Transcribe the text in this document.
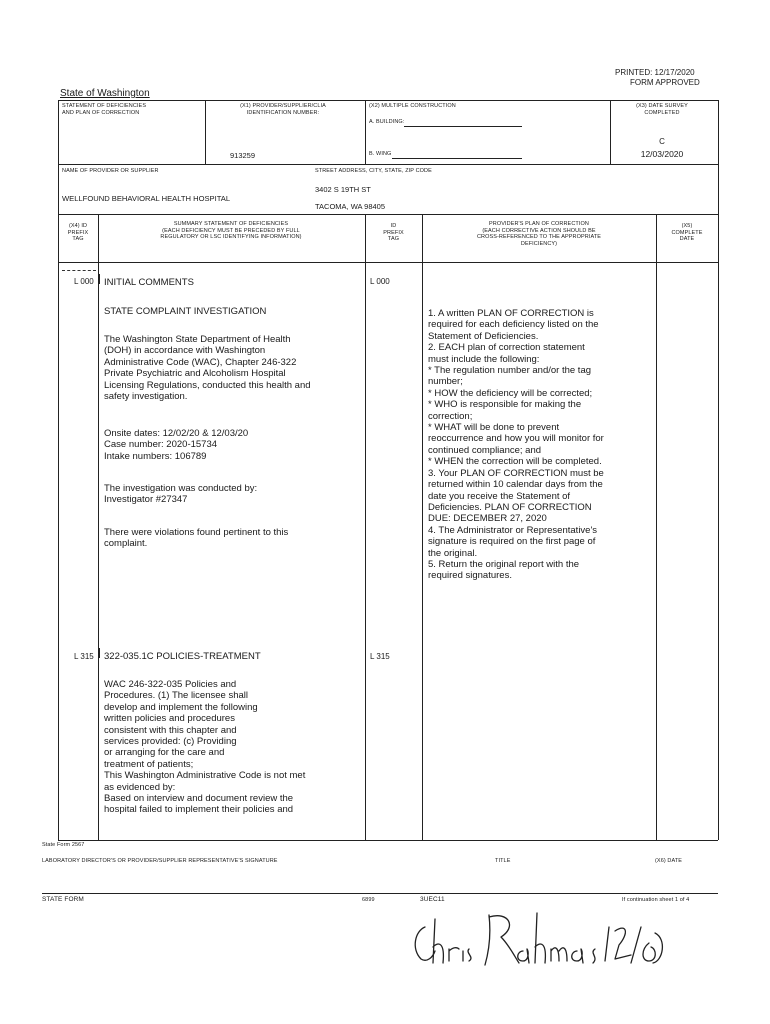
PRINTED: 12/17/2020
FORM APPROVED
State of Washington
STATEMENT OF DEFICIENCIES
AND PLAN OF CORRECTION
(X1) PROVIDER/SUPPLIER/CLIA
IDENTIFICATION NUMBER:
913259
(X2) MULTIPLE CONSTRUCTION
A. BUILDING:
B. WING
(X3) DATE SURVEY
COMPLETED
C
12/03/2020
NAME OF PROVIDER OR SUPPLIER
WELLFOUND BEHAVIORAL HEALTH HOSPITAL
STREET ADDRESS, CITY, STATE, ZIP CODE
3402 S 19TH ST
TACOMA, WA 98405
(X4) ID
PREFIX
TAG
SUMMARY STATEMENT OF DEFICIENCIES
(EACH DEFICIENCY MUST BE PRECEDED BY FULL
REGULATORY OR LSC IDENTIFYING INFORMATION)
ID
PREFIX
TAG
PROVIDER'S PLAN OF CORRECTION
(EACH CORRECTIVE ACTION SHOULD BE
CROSS-REFERENCED TO THE APPROPRIATE
DEFICIENCY)
(X5)
COMPLETE
DATE
L 000 INITIAL COMMENTS	L 000
STATE COMPLAINT INVESTIGATION
The Washington State Department of Health
(DOH) in accordance with Washington
Administrative Code (WAC), Chapter 246-322
Private Psychiatric and Alcoholism Hospital
Licensing Regulations, conducted this health and
safety investigation.
Onsite dates: 12/02/20 & 12/03/20
Case number: 2020-15734
Intake numbers: 106789
The investigation was conducted by:
Investigator #27347
There were violations found pertinent to this
complaint.
1. A written PLAN OF CORRECTION is
required for each deficiency listed on the
Statement of Deficiencies.
2. EACH plan of correction statement
must include the following:
* The regulation number and/or the tag
number;
* HOW the deficiency will be corrected;
* WHO is responsible for making the
correction;
* WHAT will be done to prevent
reoccurrence and how you will monitor for
continued compliance; and
* WHEN the correction will be completed.
3. Your PLAN OF CORRECTION must be
returned within 10 calendar days from the
date you receive the Statement of
Deficiencies. PLAN OF CORRECTION
DUE: DECEMBER 27, 2020
4. The Administrator or Representative's
signature is required on the first page of
the original.
5. Return the original report with the
required signatures.
L 315 322-035.1C POLICIES-TREATMENT	L 315
WAC 246-322-035 Policies and
Procedures. (1) The licensee shall
develop and implement the following
written policies and procedures
consistent with this chapter and
services provided: (c) Providing
or arranging for the care and
treatment of patients;
This Washington Administrative Code is not met
as evidenced by:
Based on interview and document review the
hospital failed to implement their policies and
State Form 2567
LABORATORY DIRECTOR'S OR PROVIDER/SUPPLIER REPRESENTATIVE'S SIGNATURE	TITLE	(X6) DATE
STATE FORM	6899	3UEC11	If continuation sheet 1 of 4
